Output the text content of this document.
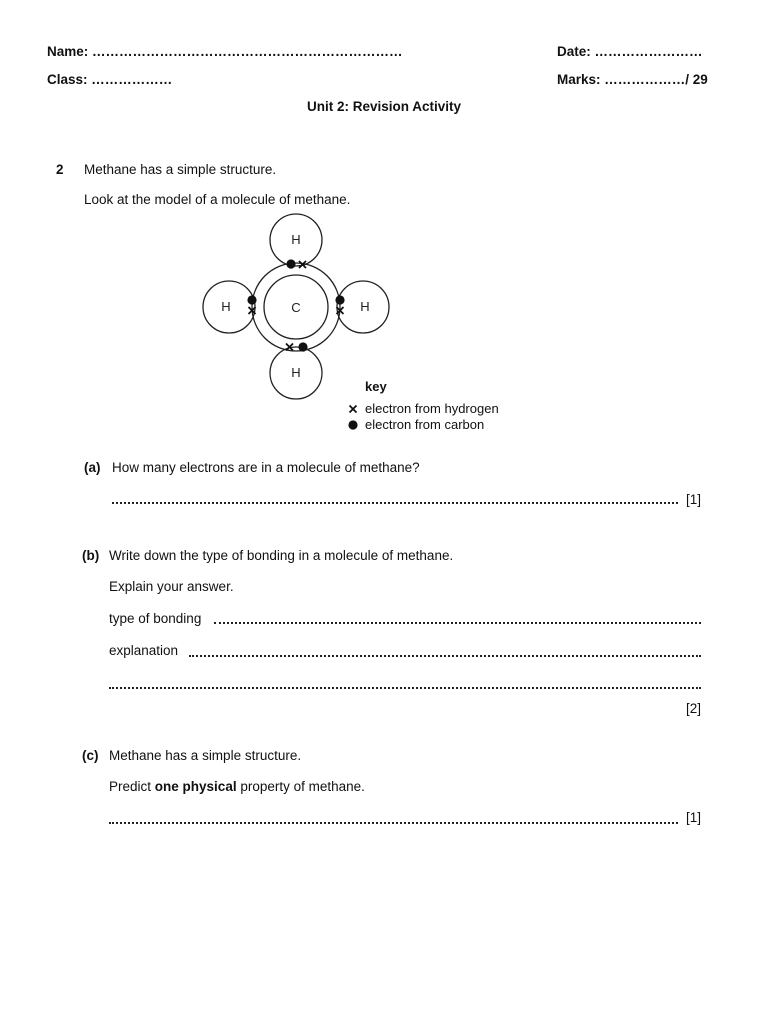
Name: ……………………………………………………………	Date: ……………………
Class: ………………	Marks: ………………/ 29
Unit 2: Revision Activity
2 Methane has a simple structure.
Look at the model of a molecule of methane.
C
H
H	H
H
key
electron from hydrogen
electron from carbon
(a) How many electrons are in a molecule of methane?
[1]
(b) Write down the type of bonding in a molecule of methane.
Explain your answer.
type of bonding
explanation
[2]
(c) Methane has a simple structure.
Predict one physical property of methane.
[1]
